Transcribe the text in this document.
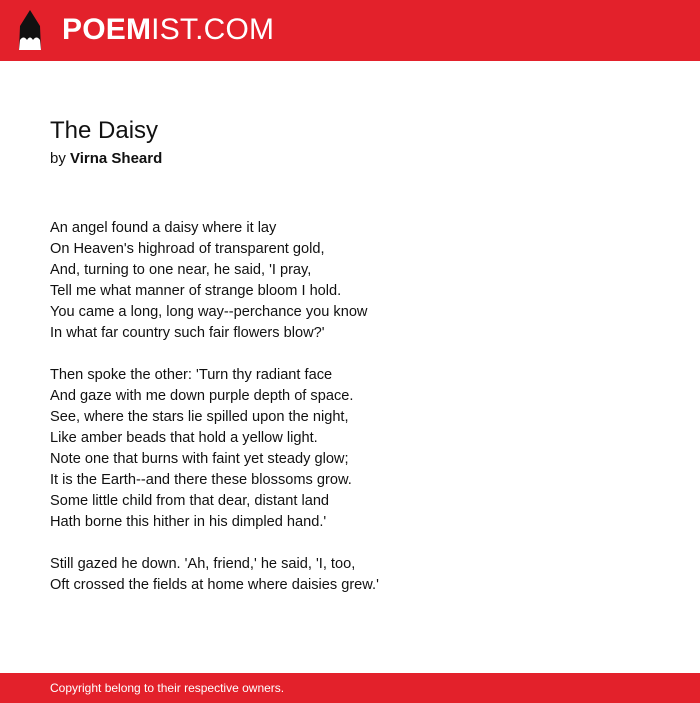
POEMIST.COM
The Daisy
by Virna Sheard
An angel found a daisy where it lay
On Heaven's highroad of transparent gold,
And, turning to one near, he said, 'I pray,
Tell me what manner of strange bloom I hold.
You came a long, long way--perchance you know
In what far country such fair flowers blow?'
Then spoke the other: 'Turn thy radiant face
And gaze with me down purple depth of space.
See, where the stars lie spilled upon the night,
Like amber beads that hold a yellow light.
Note one that burns with faint yet steady glow;
It is the Earth--and there these blossoms grow.
Some little child from that dear, distant land
Hath borne this hither in his dimpled hand.'
Still gazed he down. 'Ah, friend,' he said, 'I, too,
Oft crossed the fields at home where daisies grew.'
Copyright belong to their respective owners.
